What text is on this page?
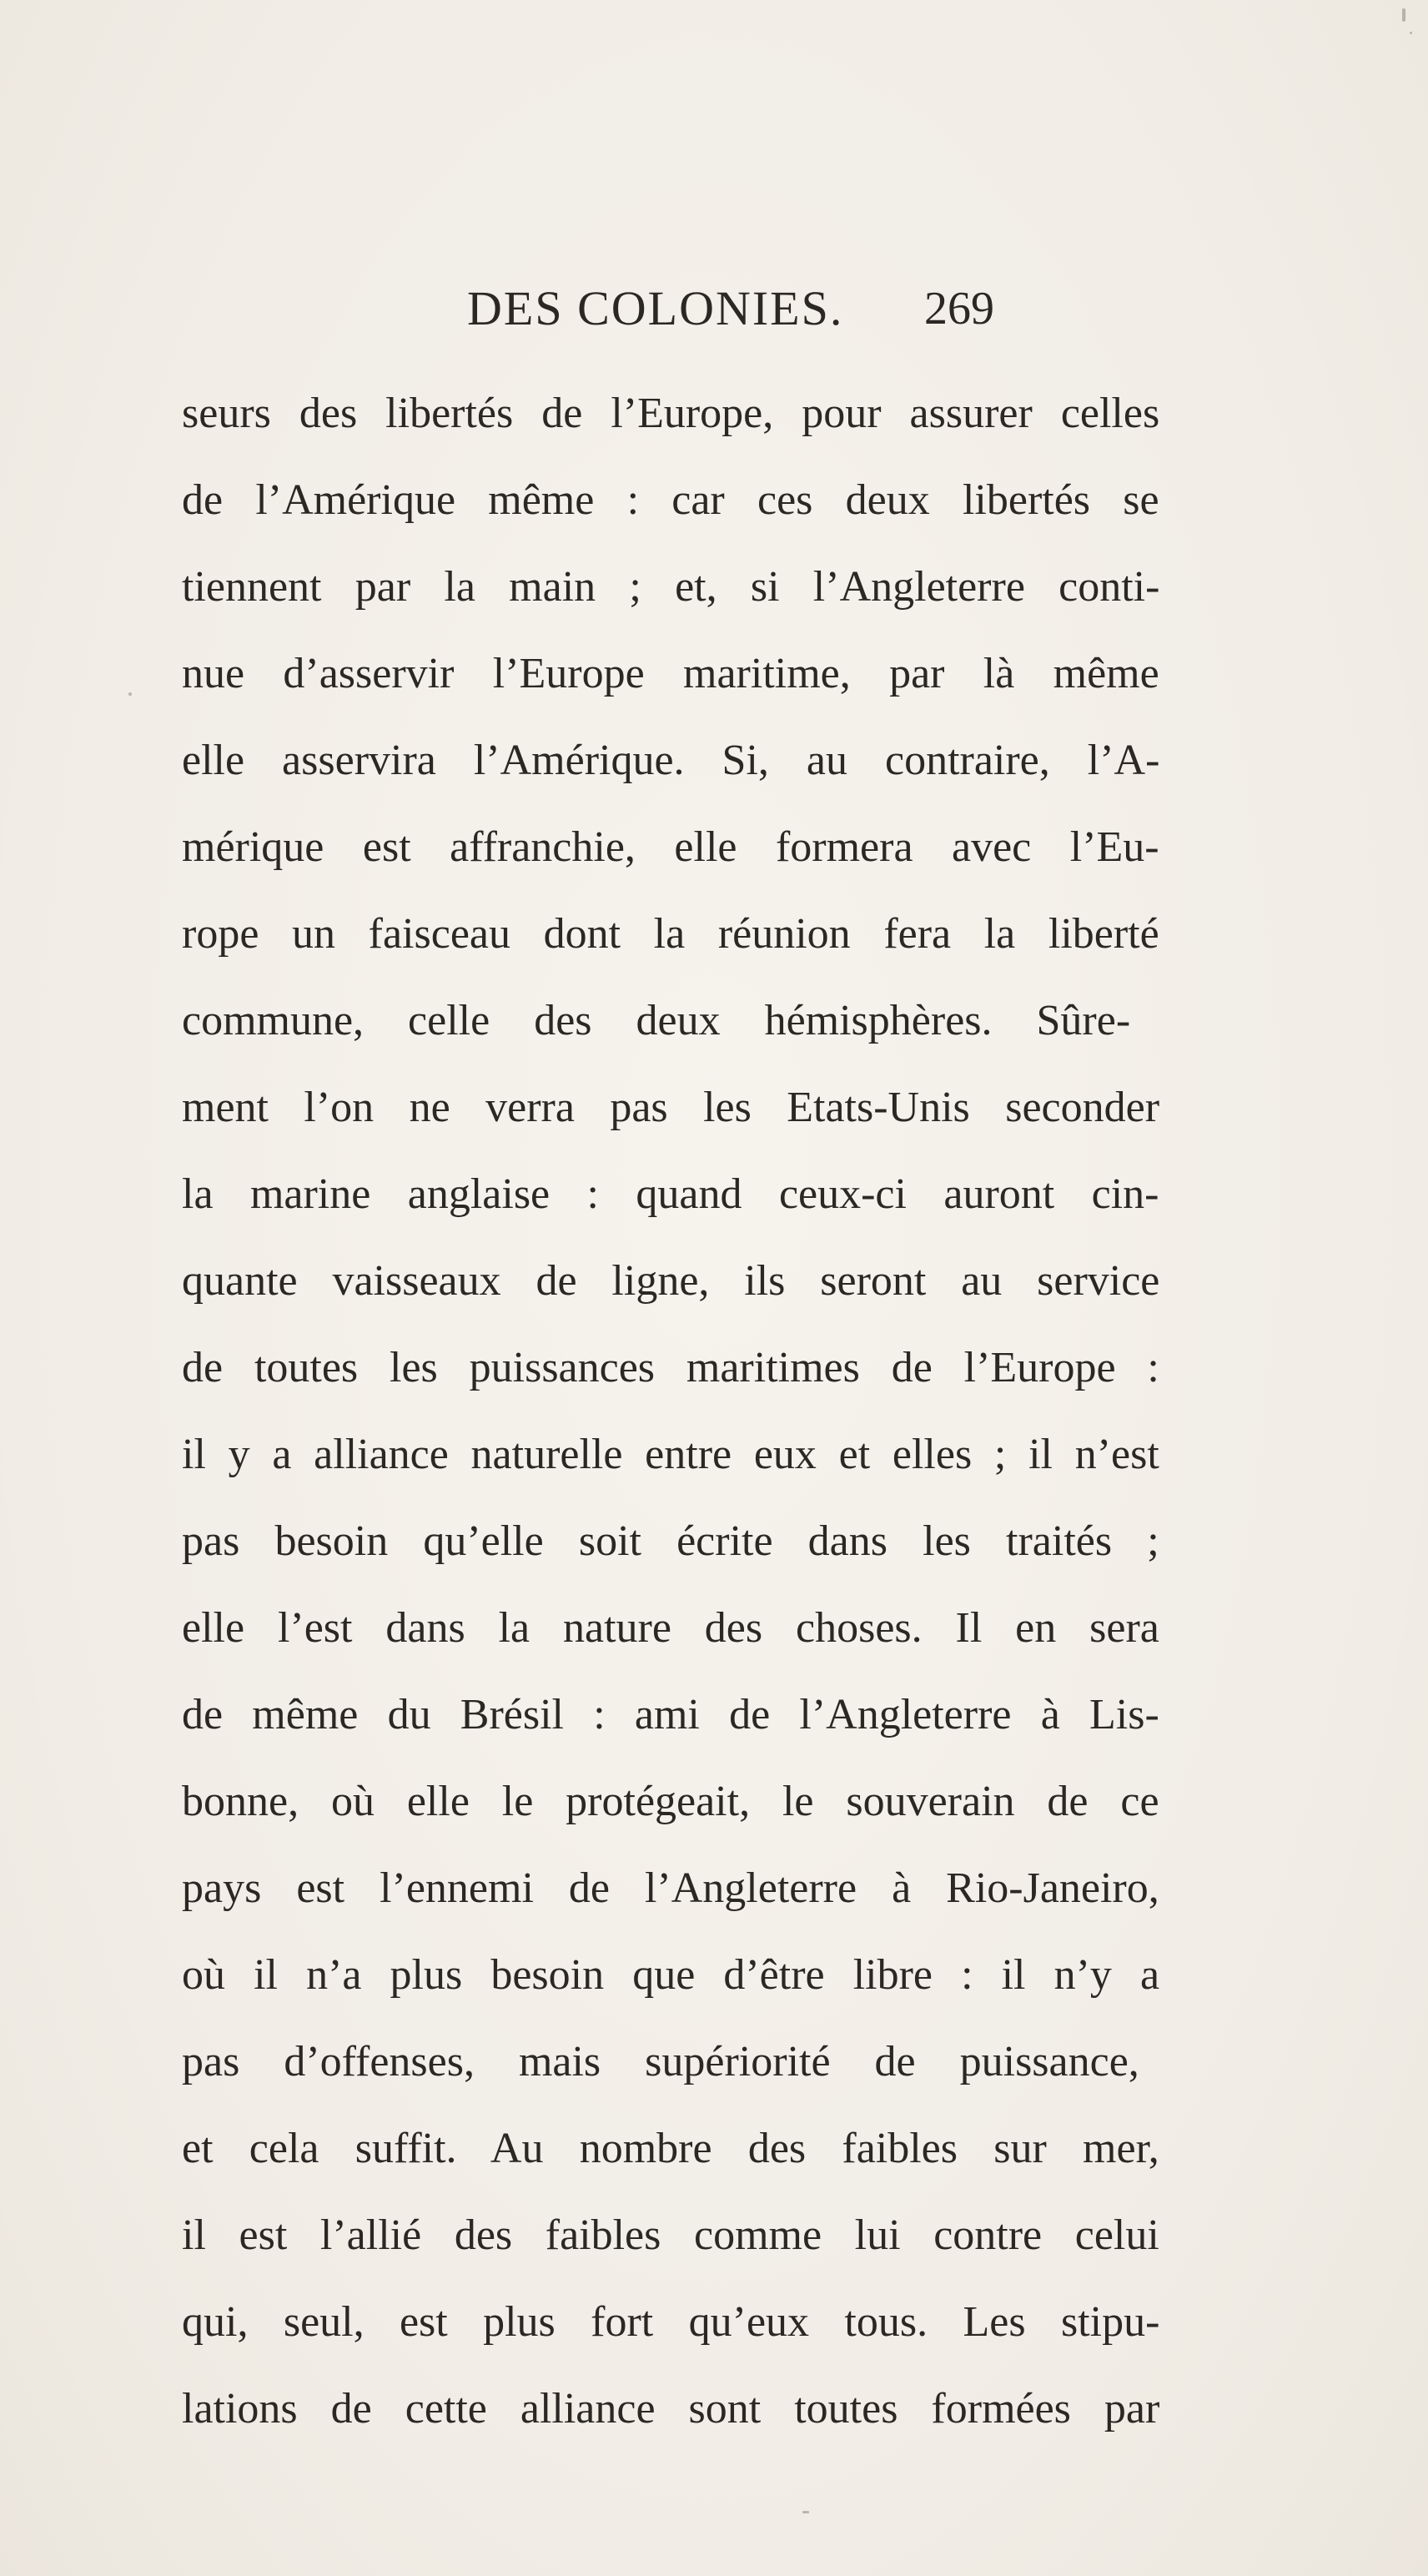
DES COLONIES. 269
seurs des libertés de l’Europe, pour assurer celles
de l’Amérique même : car ces deux libertés se
tiennent par la main ; et, si l’Angleterre conti-
nue d’asservir l’Europe maritime, par là même
elle asservira l’Amérique. Si, au contraire, l’A-
mérique est affranchie, elle formera avec l’Eu-
rope un faisceau dont la réunion fera la liberté
commune, celle des deux hémisphères. Sûre-
ment l’on ne verra pas les Etats-Unis seconder
la marine anglaise : quand ceux-ci auront cin-
quante vaisseaux de ligne, ils seront au service
de toutes les puissances maritimes de l’Europe :
il y a alliance naturelle entre eux et elles ; il n’est
pas besoin qu’elle soit écrite dans les traités ;
elle l’est dans la nature des choses. Il en sera
de même du Brésil : ami de l’Angleterre à Lis-
bonne, où elle le protégeait, le souverain de ce
pays est l’ennemi de l’Angleterre à Rio-Janeiro,
où il n’a plus besoin que d’être libre : il n’y a
pas d’offenses, mais supériorité de puissance,
et cela suffit. Au nombre des faibles sur mer,
il est l’allié des faibles comme lui contre celui
qui, seul, est plus fort qu’eux tous. Les stipu-
lations de cette alliance sont toutes formées par
